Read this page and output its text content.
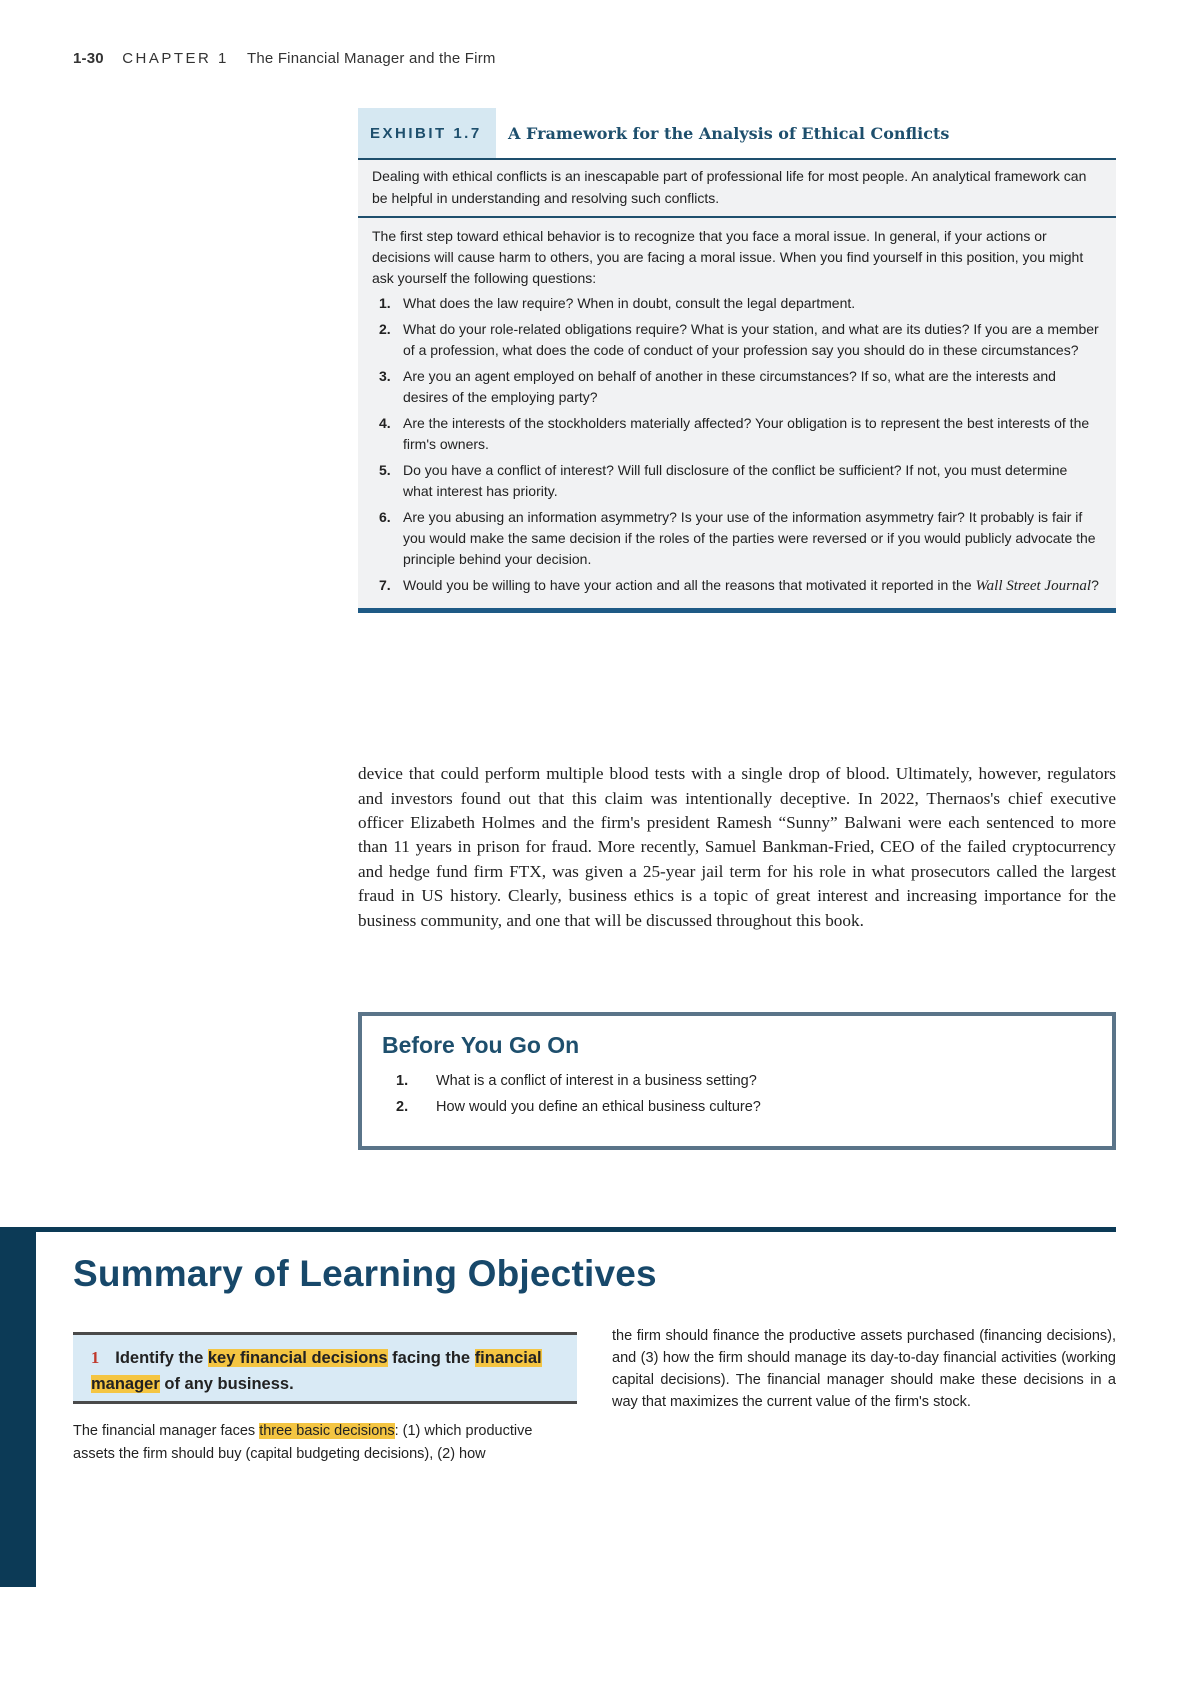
1-30 CHAPTER 1 The Financial Manager and the Firm
EXHIBIT 1.7	A Framework for the Analysis of Ethical Conflicts
Dealing with ethical conflicts is an inescapable part of professional life for most people. An analytical framework can be helpful in understanding and resolving such conflicts.
The first step toward ethical behavior is to recognize that you face a moral issue. In general, if your actions or decisions will cause harm to others, you are facing a moral issue. When you find yourself in this position, you might ask yourself the following questions:
1. What does the law require? When in doubt, consult the legal department.
2. What do your role-related obligations require? What is your station, and what are its duties? If you are a member of a profession, what does the code of conduct of your profession say you should do in these circumstances?
3. Are you an agent employed on behalf of another in these circumstances? If so, what are the interests and desires of the employing party?
4. Are the interests of the stockholders materially affected? Your obligation is to represent the best interests of the firm's owners.
5. Do you have a conflict of interest? Will full disclosure of the conflict be sufficient? If not, you must determine what interest has priority.
6. Are you abusing an information asymmetry? Is your use of the information asymmetry fair? It probably is fair if you would make the same decision if the roles of the parties were reversed or if you would publicly advocate the principle behind your decision.
7. Would you be willing to have your action and all the reasons that motivated it reported in the Wall Street Journal?

device that could perform multiple blood tests with a single drop of blood. Ultimately, however, regulators and investors found out that this claim was intentionally deceptive. In 2022, Thernaos's chief executive officer Elizabeth Holmes and the firm's president Ramesh “Sunny” Balwani were each sentenced to more than 11 years in prison for fraud. More recently, Samuel Bankman-Fried, CEO of the failed cryptocurrency and hedge fund firm FTX, was given a 25-year jail term for his role in what prosecutors called the largest fraud in US history. Clearly, business ethics is a topic of great interest and increasing importance for the business community, and one that will be discussed throughout this book.

Before You Go On
1.	What is a conflict of interest in a business setting?
2.	How would you define an ethical business culture?
Summary of Learning Objectives
1 Identify the key financial decisions facing the financial manager of any business.

The financial manager faces three basic decisions: (1) which productive assets the firm should buy (capital budgeting decisions), (2) how

the firm should finance the productive assets purchased (financing decisions), and (3) how the firm should manage its day-to-day financial activities (working capital decisions). The financial manager should make these decisions in a way that maximizes the current value of the firm's stock.
